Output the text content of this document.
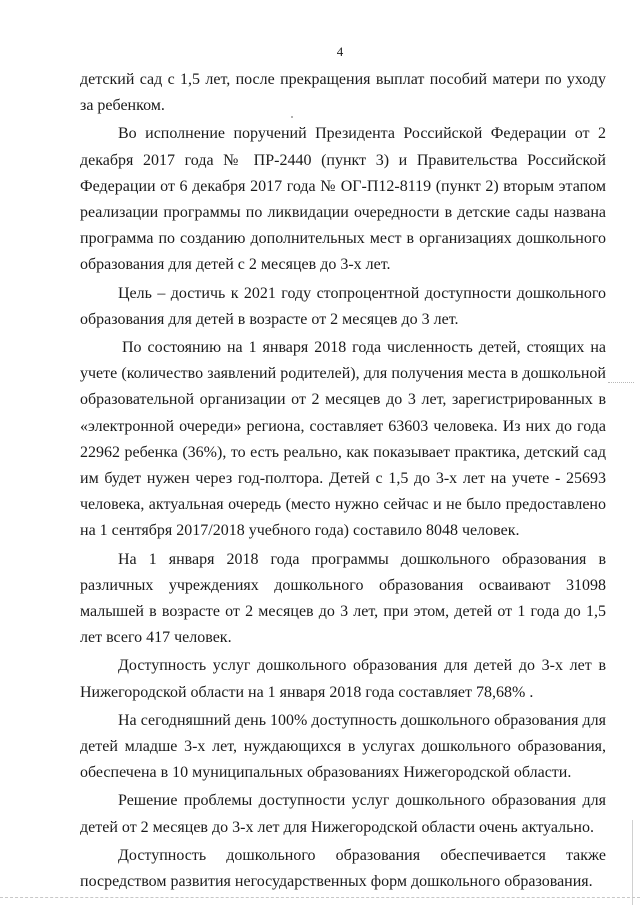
4

детский сад с 1,5 лет, после прекращения выплат пособий матери по уходу за ребенком.

Во исполнение поручений Президента Российской Федерации от 2 декабря 2017 года № ПР-2440 (пункт 3) и Правительства Российской Федерации от 6 декабря 2017 года № ОГ-П12-8119 (пункт 2) вторым этапом реализации программы по ликвидации очередности в детские сады названа программа по созданию дополнительных мест в организациях дошкольного образования для детей с 2 месяцев до 3-х лет.

Цель – достичь к 2021 году стопроцентной доступности дошкольного образования для детей в возрасте от 2 месяцев до 3 лет.

По состоянию на 1 января 2018 года численность детей, стоящих на учете (количество заявлений родителей), для получения места в дошкольной образовательной организации от 2 месяцев до 3 лет, зарегистрированных в «электронной очереди» региона, составляет 63603 человека. Из них до года 22962 ребенка (36%), то есть реально, как показывает практика, детский сад им будет нужен через год-полтора. Детей с 1,5 до 3-х лет на учете - 25693 человека, актуальная очередь (место нужно сейчас и не было предоставлено на 1 сентября 2017/2018 учебного года) составило 8048 человек.

На 1 января 2018 года программы дошкольного образования в различных учреждениях дошкольного образования осваивают 31098 малышей в возрасте от 2 месяцев до 3 лет, при этом, детей от 1 года до 1,5 лет всего 417 человек.

Доступность услуг дошкольного образования для детей до 3-х лет в Нижегородской области на 1 января 2018 года составляет 78,68% .

На сегодняшний день 100% доступность дошкольного образования для детей младше 3-х лет, нуждающихся в услугах дошкольного образования, обеспечена в 10 муниципальных образованиях Нижегородской области.

Решение проблемы доступности услуг дошкольного образования для детей от 2 месяцев до 3-х лет для Нижегородской области очень актуально.

Доступность дошкольного образования обеспечивается также посредством развития негосударственных форм дошкольного образования.
